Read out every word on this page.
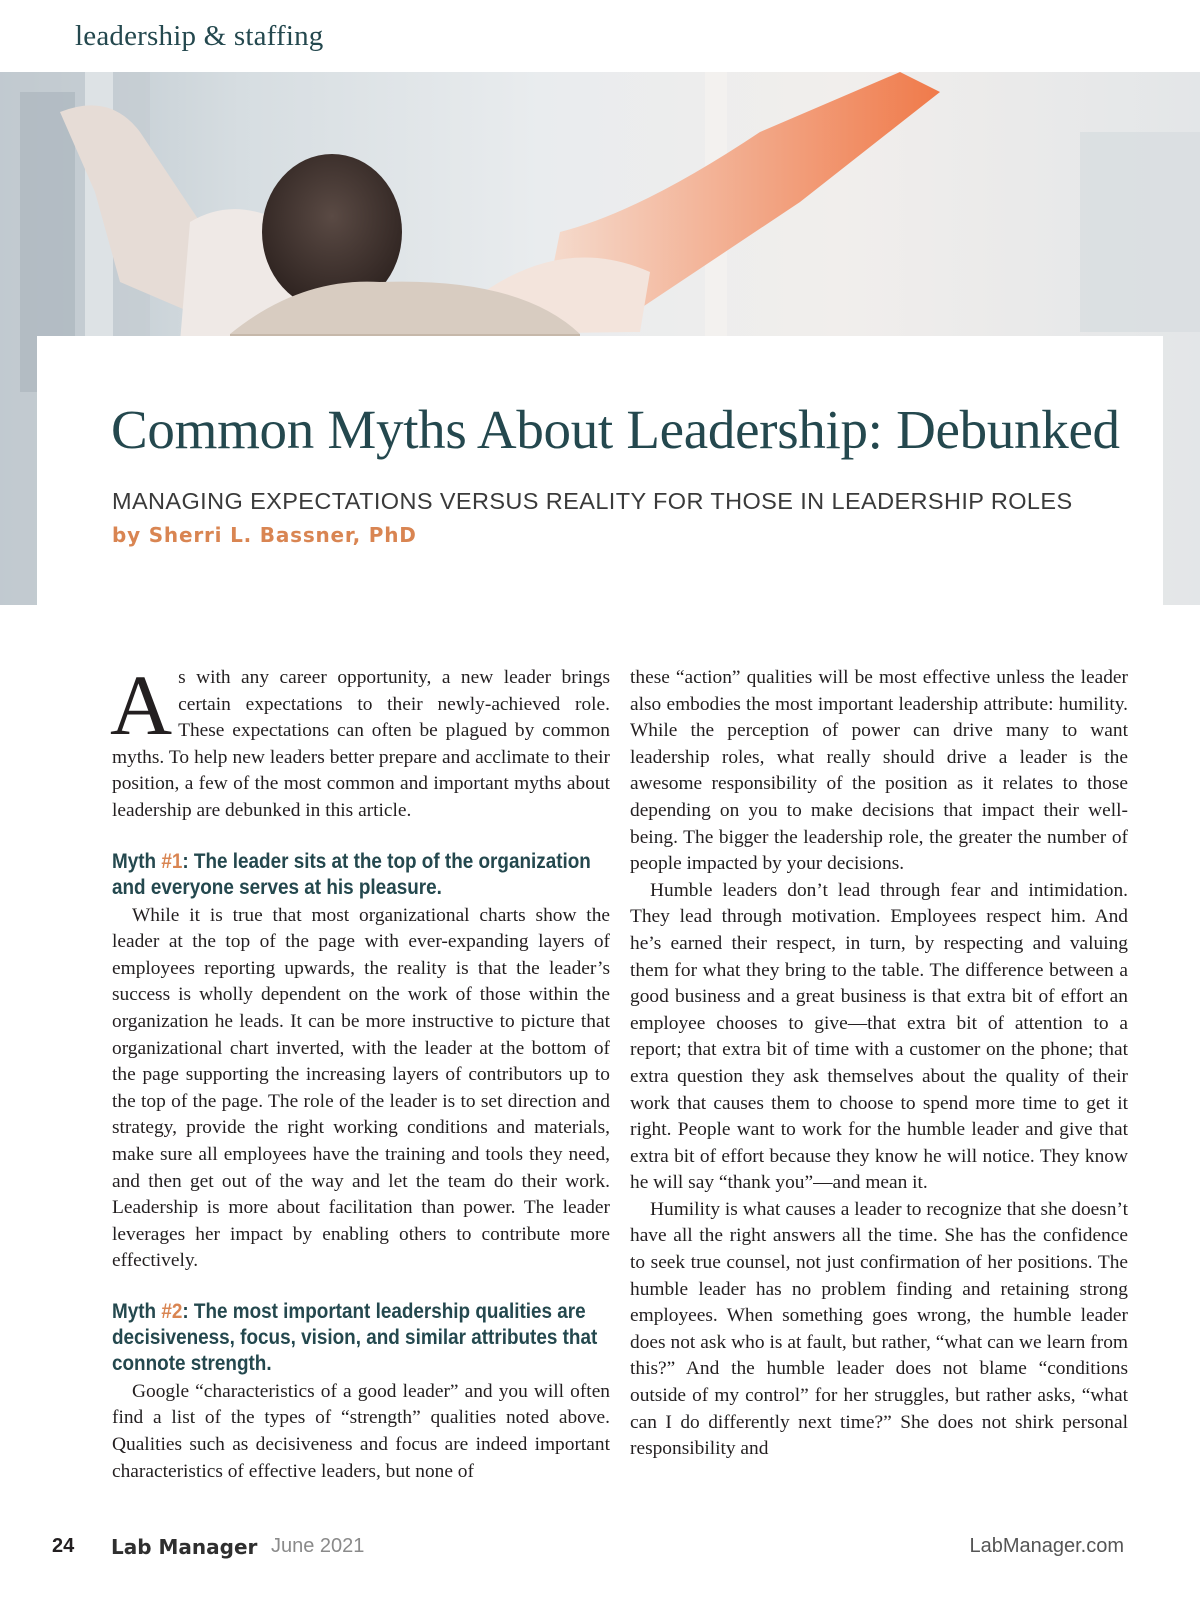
leadership & staffing
Common Myths About Leadership: Debunked
MANAGING EXPECTATIONS VERSUS REALITY FOR THOSE IN LEADERSHIP ROLES
by Sherri L. Bassner, PhD

As with any career opportunity, a new leader brings certain expectations to their newly-achieved role. These expectations can often be plagued by common myths. To help new leaders better prepare and acclimate to their position, a few of the most common and important myths about leadership are debunked in this article.

Myth #1: The leader sits at the top of the organization and everyone serves at his pleasure.

While it is true that most organizational charts show the leader at the top of the page with ever-expanding layers of employees reporting upwards, the reality is that the leader’s success is wholly dependent on the work of those within the organization he leads. It can be more instructive to picture that organizational chart inverted, with the leader at the bottom of the page supporting the increasing layers of contributors up to the top of the page. The role of the leader is to set direction and strategy, provide the right working conditions and materials, make sure all employees have the training and tools they need, and then get out of the way and let the team do their work. Leadership is more about facilitation than power. The leader leverages her impact by enabling others to contribute more effectively.

Myth #2: The most important leadership qualities are decisiveness, focus, vision, and similar attributes that connote strength.

Google “characteristics of a good leader” and you will often find a list of the types of “strength” qualities noted above. Qualities such as decisiveness and focus are indeed important characteristics of effective leaders, but none of

these “action” qualities will be most effective unless the leader also embodies the most important leadership attribute: humility. While the perception of power can drive many to want leadership roles, what really should drive a leader is the awesome responsibility of the position as it relates to those depending on you to make decisions that impact their well-being. The bigger the leadership role, the greater the number of people impacted by your decisions.

Humble leaders don’t lead through fear and intimidation. They lead through motivation. Employees respect him. And he’s earned their respect, in turn, by respecting and valuing them for what they bring to the table. The difference between a good business and a great business is that extra bit of effort an employee chooses to give—that extra bit of attention to a report; that extra bit of time with a customer on the phone; that extra question they ask themselves about the quality of their work that causes them to choose to spend more time to get it right. People want to work for the humble leader and give that extra bit of effort because they know he will notice. They know he will say “thank you”—and mean it.

Humility is what causes a leader to recognize that she doesn’t have all the right answers all the time. She has the confidence to seek true counsel, not just confirmation of her positions. The humble leader has no problem finding and retaining strong employees. When something goes wrong, the humble leader does not ask who is at fault, but rather, “what can we learn from this?” And the humble leader does not blame “conditions outside of my control” for her struggles, but rather asks, “what can I do differently next time?” She does not shirk personal responsibility and

24 Lab Manager June 2021	LabManager.com
